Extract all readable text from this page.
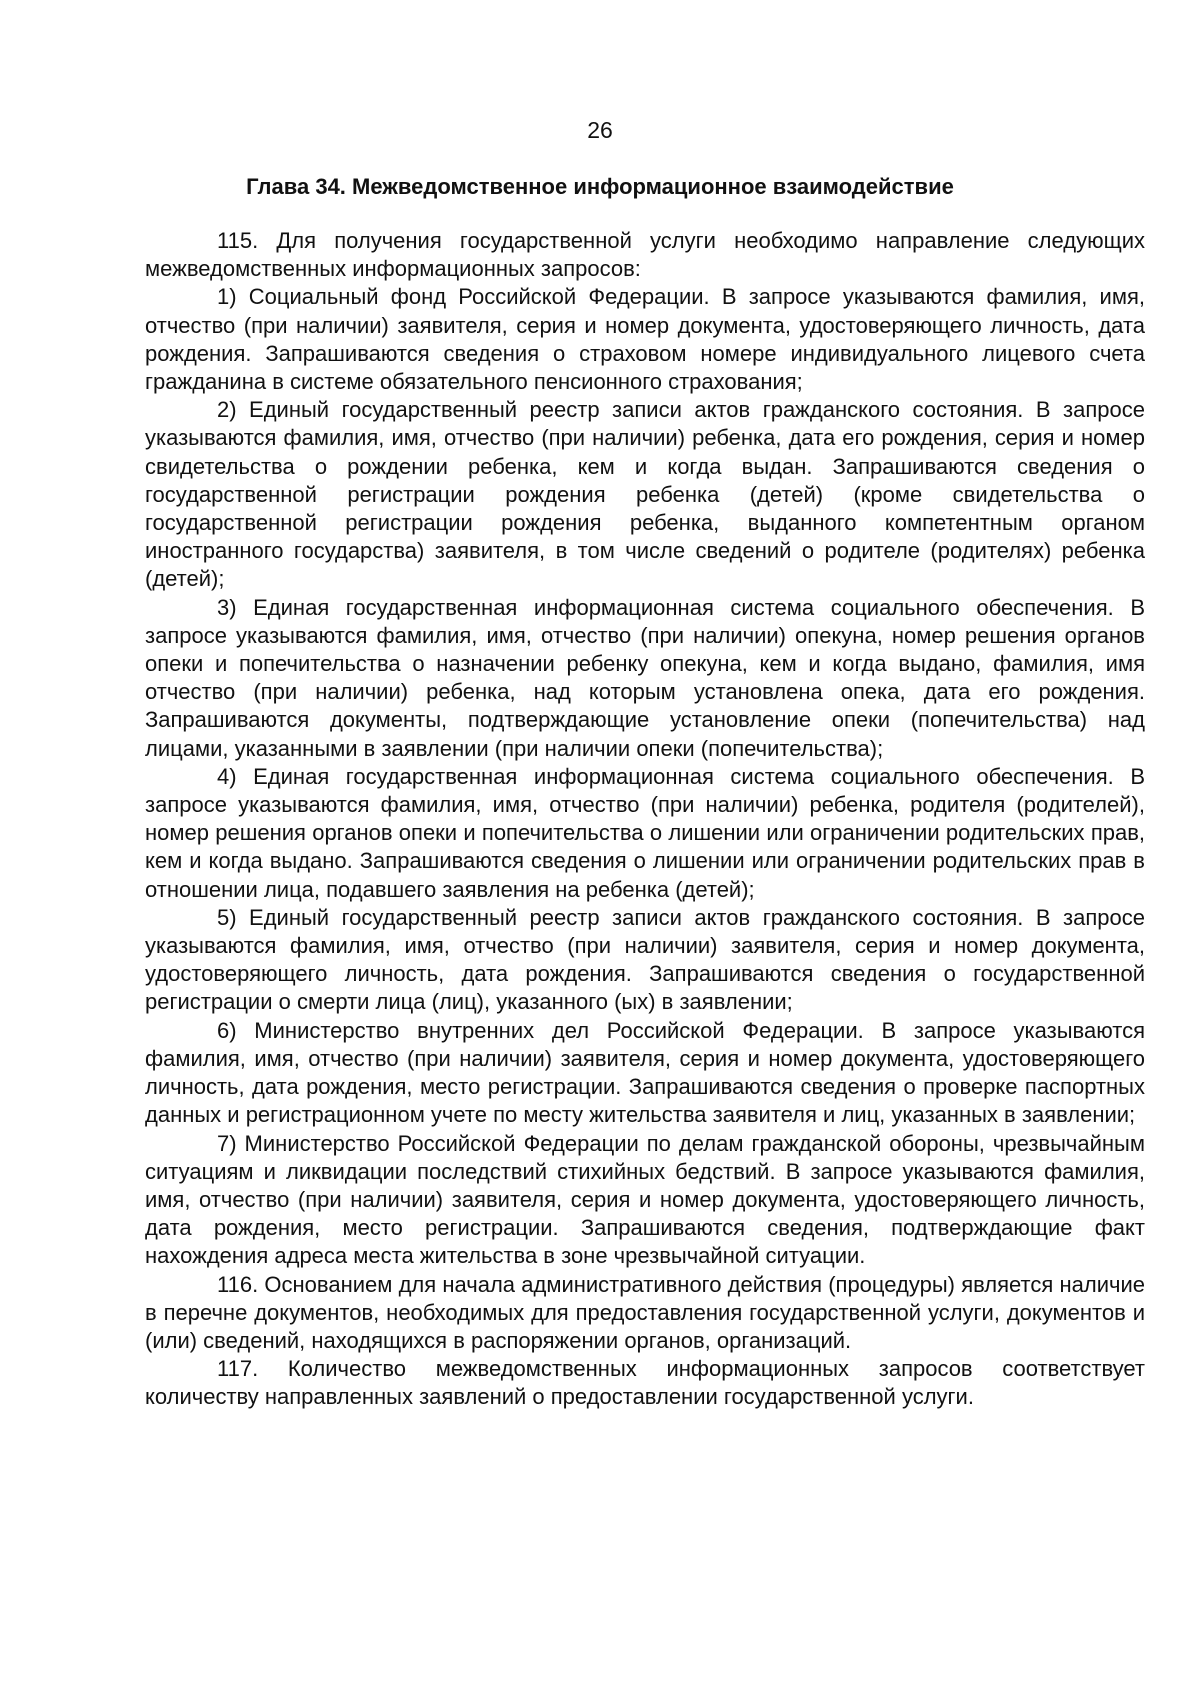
26
Глава 34. Межведомственное информационное взаимодействие

115. Для получения государственной услуги необходимо направление следующих межведомственных информационных запросов:

1) Социальный фонд Российской Федерации. В запросе указываются фамилия, имя, отчество (при наличии) заявителя, серия и номер документа, удостоверяющего личность, дата рождения. Запрашиваются сведения о страховом номере индивидуального лицевого счета гражданина в системе обязательного пенсионного страхования;

2) Единый государственный реестр записи актов гражданского состояния. В запросе указываются фамилия, имя, отчество (при наличии) ребенка, дата его рождения, серия и номер свидетельства о рождении ребенка, кем и когда выдан. Запрашиваются сведения о государственной регистрации рождения ребенка (детей) (кроме свидетельства о государственной регистрации рождения ребенка, выданного компетентным органом иностранного государства) заявителя, в том числе сведений о родителе (родителях) ребенка (детей);

3) Единая государственная информационная система социального обеспечения. В запросе указываются фамилия, имя, отчество (при наличии) опекуна, номер решения органов опеки и попечительства о назначении ребенку опекуна, кем и когда выдано, фамилия, имя отчество (при наличии) ребенка, над которым установлена опека, дата его рождения. Запрашиваются документы, подтверждающие установление опеки (попечительства) над лицами, указанными в заявлении (при наличии опеки (попечительства);

4) Единая государственная информационная система социального обеспечения. В запросе указываются фамилия, имя, отчество (при наличии) ребенка, родителя (родителей), номер решения органов опеки и попечительства о лишении или ограничении родительских прав, кем и когда выдано. Запрашиваются сведения о лишении или ограничении родительских прав в отношении лица, подавшего заявления на ребенка (детей);

5) Единый государственный реестр записи актов гражданского состояния. В запросе указываются фамилия, имя, отчество (при наличии) заявителя, серия и номер документа, удостоверяющего личность, дата рождения. Запрашиваются сведения о государственной регистрации о смерти лица (лиц), указанного (ых) в заявлении;

6) Министерство внутренних дел Российской Федерации. В запросе указываются фамилия, имя, отчество (при наличии) заявителя, серия и номер документа, удостоверяющего личность, дата рождения, место регистрации. Запрашиваются сведения о проверке паспортных данных и регистрационном учете по месту жительства заявителя и лиц, указанных в заявлении;

7) Министерство Российской Федерации по делам гражданской обороны, чрезвычайным ситуациям и ликвидации последствий стихийных бедствий. В запросе указываются фамилия, имя, отчество (при наличии) заявителя, серия и номер документа, удостоверяющего личность, дата рождения, место регистрации. Запрашиваются сведения, подтверждающие факт нахождения адреса места жительства в зоне чрезвычайной ситуации.

116. Основанием для начала административного действия (процедуры) является наличие в перечне документов, необходимых для предоставления государственной услуги, документов и (или) сведений, находящихся в распоряжении органов, организаций.

117. Количество межведомственных информационных запросов соответствует количеству направленных заявлений о предоставлении государственной услуги.
